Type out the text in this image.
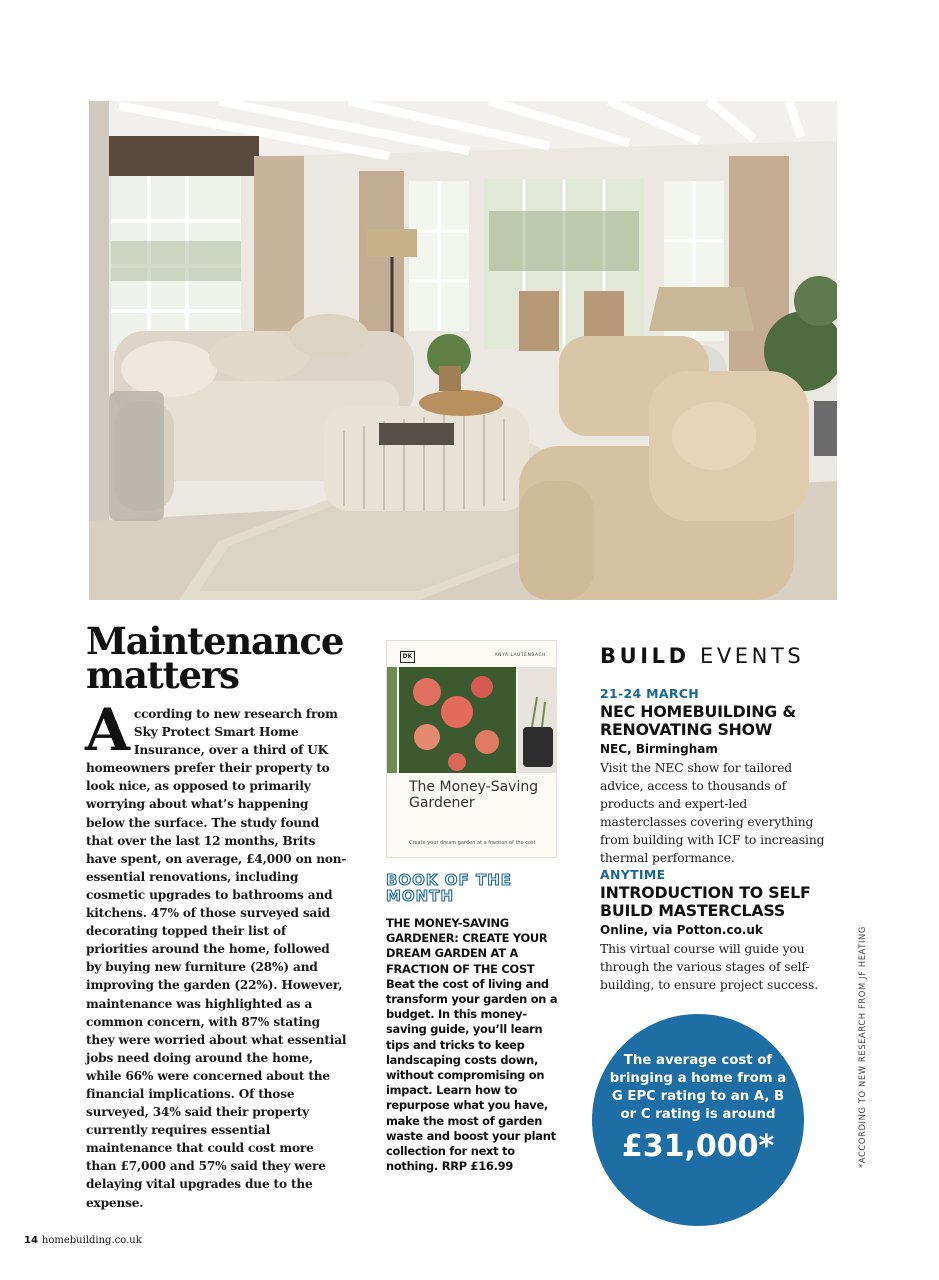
Maintenance matters

According to new research from Sky Protect Smart Home Insurance, over a third of UK homeowners prefer their property to look nice, as opposed to primarily worrying about what’s happening below the surface. The study found that over the last 12 months, Brits have spent, on average, £4,000 on non-essential renovations, including cosmetic upgrades to bathrooms and kitchens. 47% of those surveyed said decorating topped their list of priorities around the home, followed by buying new furniture (28%) and improving the garden (22%). However, maintenance was highlighted as a common concern, with 87% stating they were worried about what essential jobs need doing around the home, while 66% were concerned about the financial implications. Of those surveyed, 34% said their property currently requires essential maintenance that could cost more than £7,000 and 57% said they were delaying vital upgrades due to the expense.

DK	ANYA LAUTENBACH
The Money-Saving Gardener
Create your dream garden at a fraction of the cost
BOOK OF THE MONTH
THE MONEY-SAVING GARDENER: CREATE YOUR DREAM GARDEN AT A FRACTION OF THE COST
Beat the cost of living and transform your garden on a budget. In this money-saving guide, you’ll learn tips and tricks to keep landscaping costs down, without compromising on impact. Learn how to repurpose what you have, make the most of garden waste and boost your plant collection for next to nothing. RRP £16.99
BUILD EVENTS
21-24 MARCH
NEC HOMEBUILDING & RENOVATING SHOW
NEC, Birmingham
Visit the NEC show for tailored advice, access to thousands of products and expert-led masterclasses covering everything from building with ICF to increasing thermal performance.
ANYTIME
INTRODUCTION TO SELF BUILD MASTERCLASS
Online, via Potton.co.uk
This virtual course will guide you through the various stages of self-building, to ensure project success.
The average cost of bringing a home from a G EPC rating to an A, B or C rating is around
£31,000*	*ACCORDING TO NEW RESEARCH FROM JF HEATING
14 homebuilding.co.uk
